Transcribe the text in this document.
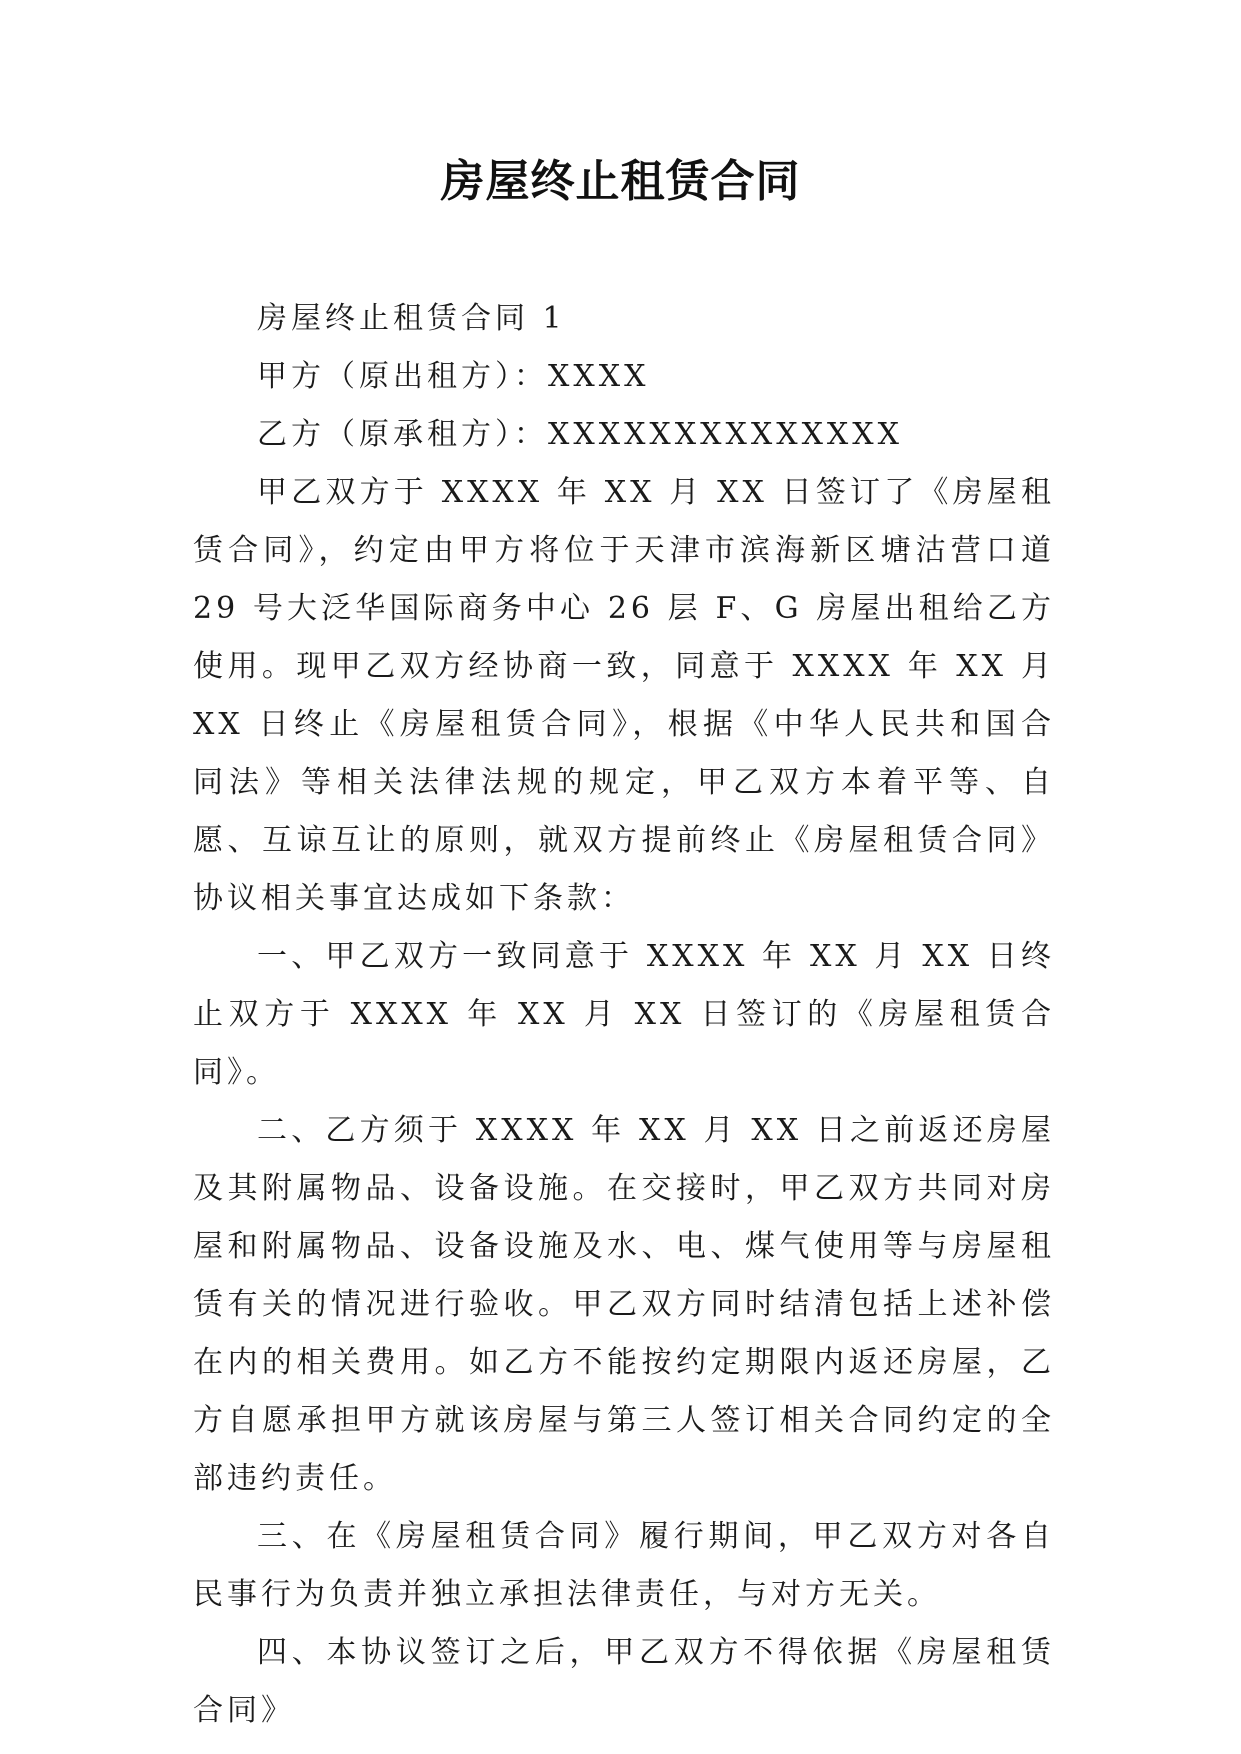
房屋终止租赁合同

房屋终止租赁合同 1

甲方（原出租方）：XXXX

乙方（原承租方）：XXXXXXXXXXXXXX

甲乙双方于 XXXX 年 XX 月 XX 日签订了《房屋租赁合同》，约定由甲方将位于天津市滨海新区塘沽营口道 29 号大泛华国际商务中心 26 层 F、G 房屋出租给乙方使用。现甲乙双方经协商一致，同意于 XXXX 年 XX 月 XX 日终止《房屋租赁合同》，根据《中华人民共和国合同法》等相关法律法规的规定，甲乙双方本着平等、自愿、互谅互让的原则，就双方提前终止《房屋租赁合同》协议相关事宜达成如下条款：

一、甲乙双方一致同意于 XXXX 年 XX 月 XX 日终止双方于 XXXX 年 XX 月 XX 日签订的《房屋租赁合同》。

二、乙方须于 XXXX 年 XX 月 XX 日之前返还房屋及其附属物品、设备设施。在交接时，甲乙双方共同对房屋和附属物品、设备设施及水、电、煤气使用等与房屋租赁有关的情况进行验收。甲乙双方同时结清包括上述补偿在内的相关费用。如乙方不能按约定期限内返还房屋，乙方自愿承担甲方就该房屋与第三人签订相关合同约定的全部违约责任。

三、在《房屋租赁合同》履行期间，甲乙双方对各自民事行为负责并独立承担法律责任，与对方无关。

四、本协议签订之后，甲乙双方不得依据《房屋租赁合同》
